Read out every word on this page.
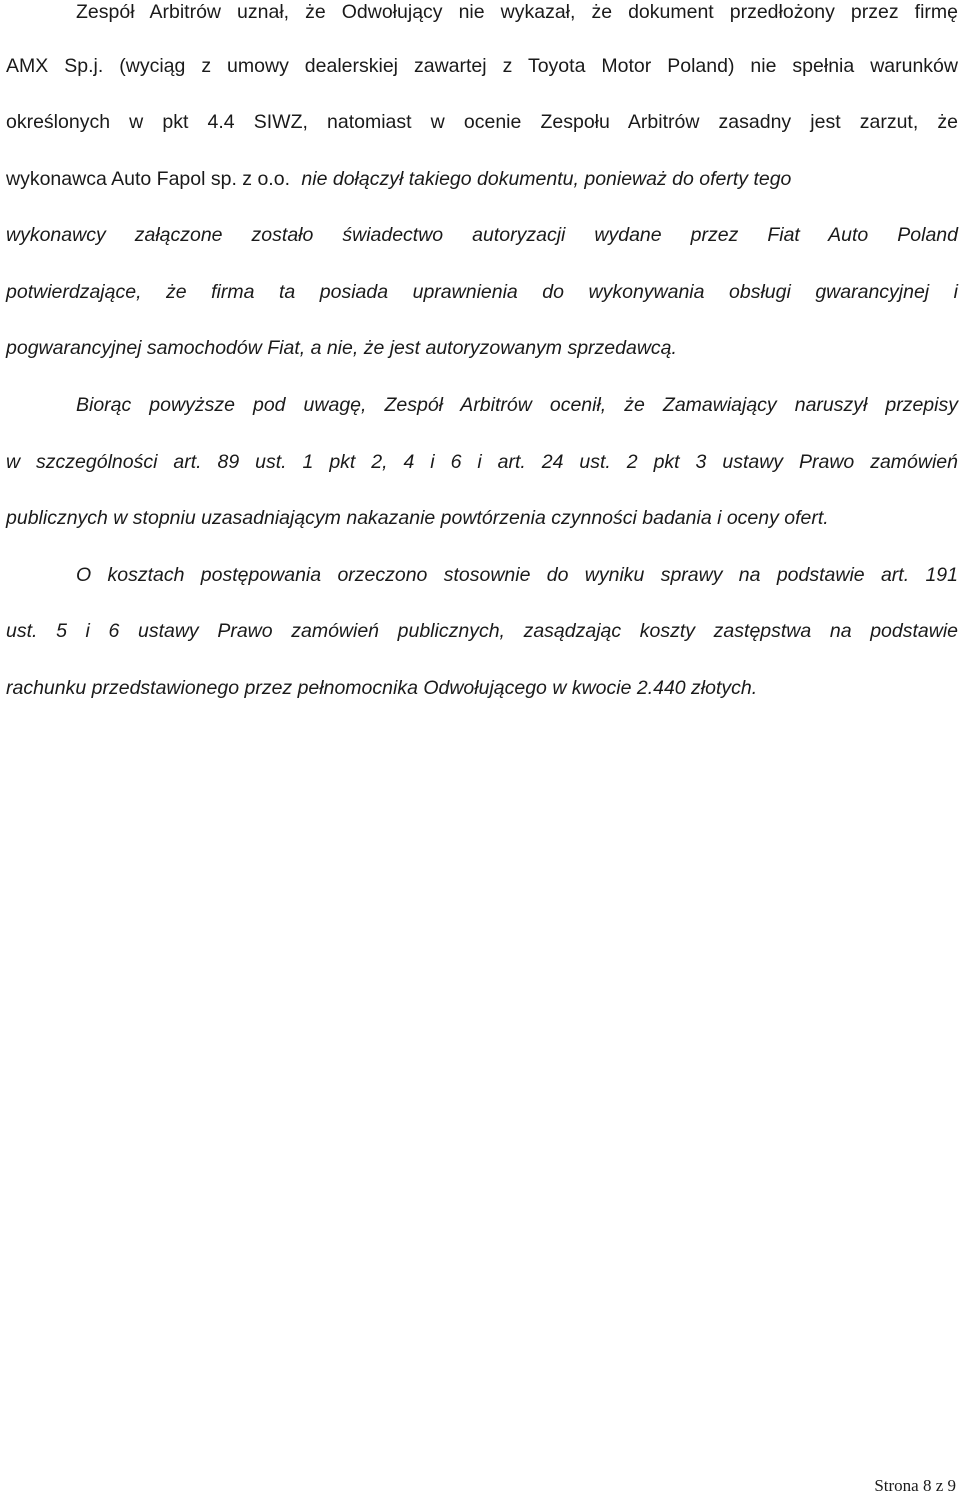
Zespół Arbitrów uznał, że Odwołujący nie wykazał, że dokument przedłożony przez firmę
AMX Sp.j. (wyciąg z umowy dealerskiej zawartej z Toyota Motor Poland) nie spełnia warunków
określonych w pkt 4.4 SIWZ, natomiast w ocenie Zespołu Arbitrów zasadny jest zarzut, że
wykonawca Auto Fapol sp. z o.o. nie dołączył takiego dokumentu, ponieważ do oferty tego
wykonawcy załączone zostało świadectwo autoryzacji wydane przez Fiat Auto Poland
potwierdzające, że firma ta posiada uprawnienia do wykonywania obsługi gwarancyjnej i
pogwarancyjnej samochodów Fiat, a nie, że jest autoryzowanym sprzedawcą.
Biorąc powyższe pod uwagę, Zespół Arbitrów ocenił, że Zamawiający naruszył przepisy
w szczególności art. 89 ust. 1 pkt 2, 4 i 6 i art. 24 ust. 2 pkt 3 ustawy Prawo zamówień
publicznych w stopniu uzasadniającym nakazanie powtórzenia czynności badania i oceny ofert.
O kosztach postępowania orzeczono stosownie do wyniku sprawy na podstawie art. 191
ust. 5 i 6 ustawy Prawo zamówień publicznych, zasądzając koszty zastępstwa na podstawie
rachunku przedstawionego przez pełnomocnika Odwołującego w kwocie 2.440 złotych.
Strona 8 z 9
